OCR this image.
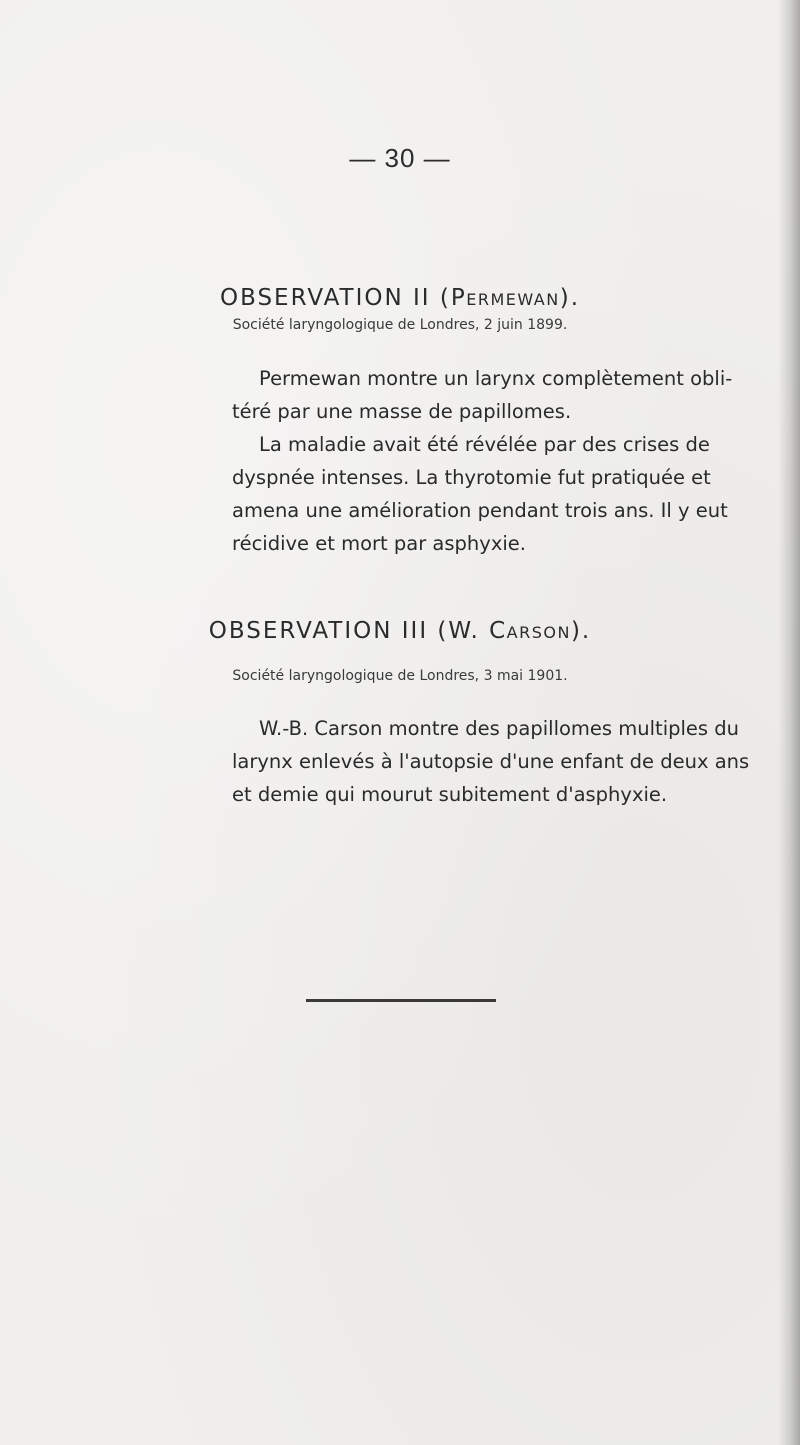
— 30 —
OBSERVATION II (Permewan).
Société laryngologique de Londres, 2 juin 1899.
Permewan montre un larynx complètement obli-
téré par une masse de papillomes.
La maladie avait été révélée par des crises de
dyspnée intenses. La thyrotomie fut pratiquée et
amena une amélioration pendant trois ans. Il y eut
récidive et mort par asphyxie.
OBSERVATION III (W. Carson).
Société laryngologique de Londres, 3 mai 1901.
W.-B. Carson montre des papillomes multiples du
larynx enlevés à l'autopsie d'une enfant de deux ans
et demie qui mourut subitement d'asphyxie.
